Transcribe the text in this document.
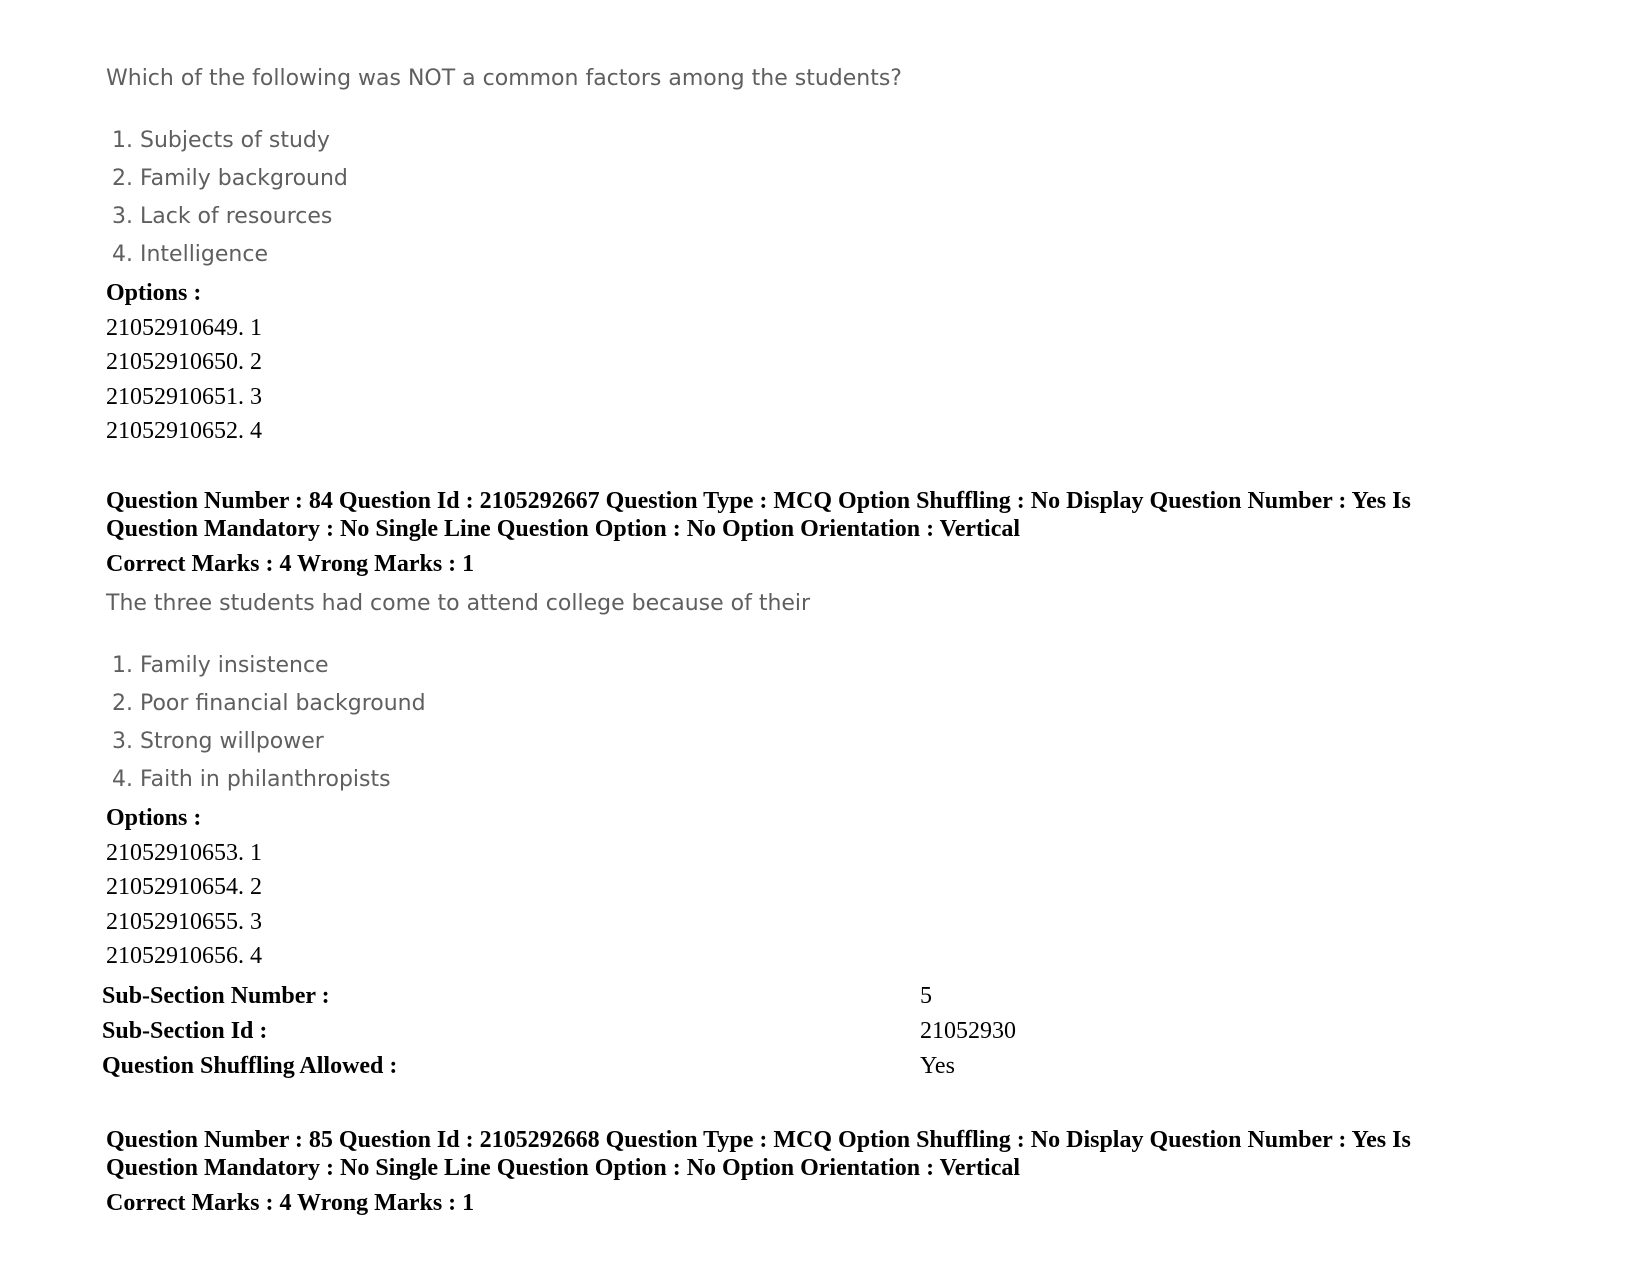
Which of the following was NOT a common factors among the students?
1. Subjects of study
2. Family background
3. Lack of resources
4. Intelligence
Options :
21052910649. 1
21052910650. 2
21052910651. 3
21052910652. 4
Question Number : 84 Question Id : 2105292667 Question Type : MCQ Option Shuffling : No Display Question Number : Yes Is
Question Mandatory : No Single Line Question Option : No Option Orientation : Vertical
Correct Marks : 4 Wrong Marks : 1
The three students had come to attend college because of their
1. Family insistence
2. Poor financial background
3. Strong willpower
4. Faith in philanthropists
Options :
21052910653. 1
21052910654. 2
21052910655. 3
21052910656. 4
Sub-Section Number :	5
Sub-Section Id :	21052930
Question Shuffling Allowed :	Yes
Question Number : 85 Question Id : 2105292668 Question Type : MCQ Option Shuffling : No Display Question Number : Yes Is
Question Mandatory : No Single Line Question Option : No Option Orientation : Vertical
Correct Marks : 4 Wrong Marks : 1
